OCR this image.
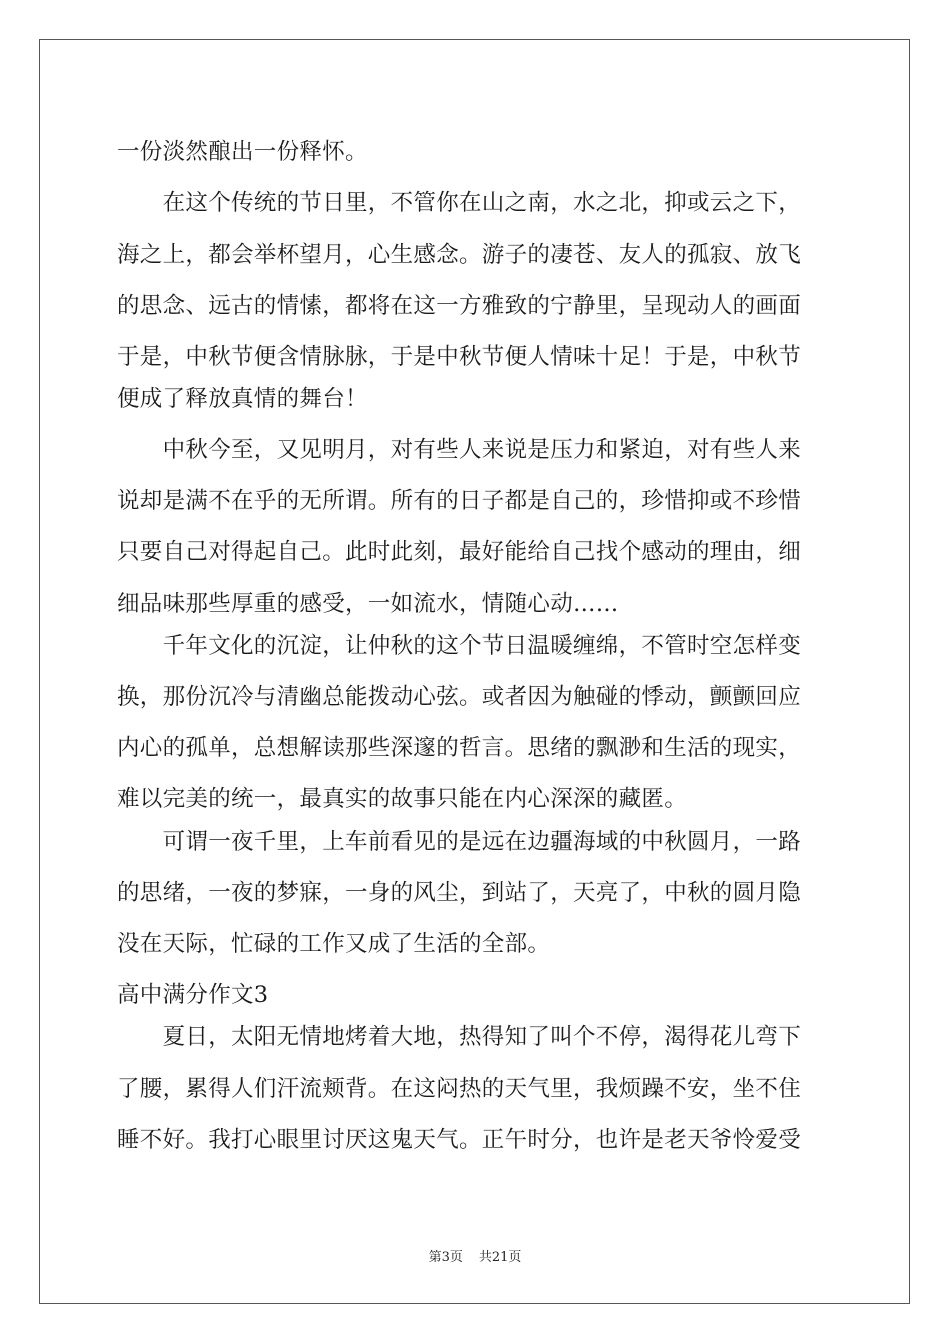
一份淡然酿出一份释怀。
　　在这个传统的节日里，不管你在山之南，水之北，抑或云之下，
海之上，都会举杯望月，心生感念。游子的凄苍、友人的孤寂、放飞
的思念、远古的情愫，都将在这一方雅致的宁静里，呈现动人的画面
于是，中秋节便含情脉脉，于是中秋节便人情味十足！于是，中秋节
便成了释放真情的舞台！
　　中秋今至，又见明月，对有些人来说是压力和紧迫，对有些人来
说却是满不在乎的无所谓。所有的日子都是自己的，珍惜抑或不珍惜
只要自己对得起自己。此时此刻，最好能给自己找个感动的理由，细
细品味那些厚重的感受，一如流水，情随心动……
　　千年文化的沉淀，让仲秋的这个节日温暖缠绵，不管时空怎样变
换，那份沉冷与清幽总能拨动心弦。或者因为触碰的悸动，颤颤回应
内心的孤单，总想解读那些深邃的哲言。思绪的飘渺和生活的现实，
难以完美的统一，最真实的故事只能在内心深深的藏匿。
　　可谓一夜千里，上车前看见的是远在边疆海域的中秋圆月，一路
的思绪，一夜的梦寐，一身的风尘，到站了，天亮了，中秋的圆月隐
没在天际，忙碌的工作又成了生活的全部。
高中满分作文3
　　夏日，太阳无情地烤着大地，热得知了叫个不停，渴得花儿弯下
了腰，累得人们汗流颊背。在这闷热的天气里，我烦躁不安，坐不住
睡不好。我打心眼里讨厌这鬼天气。正午时分，也许是老天爷怜爱受
第3页 共21页
